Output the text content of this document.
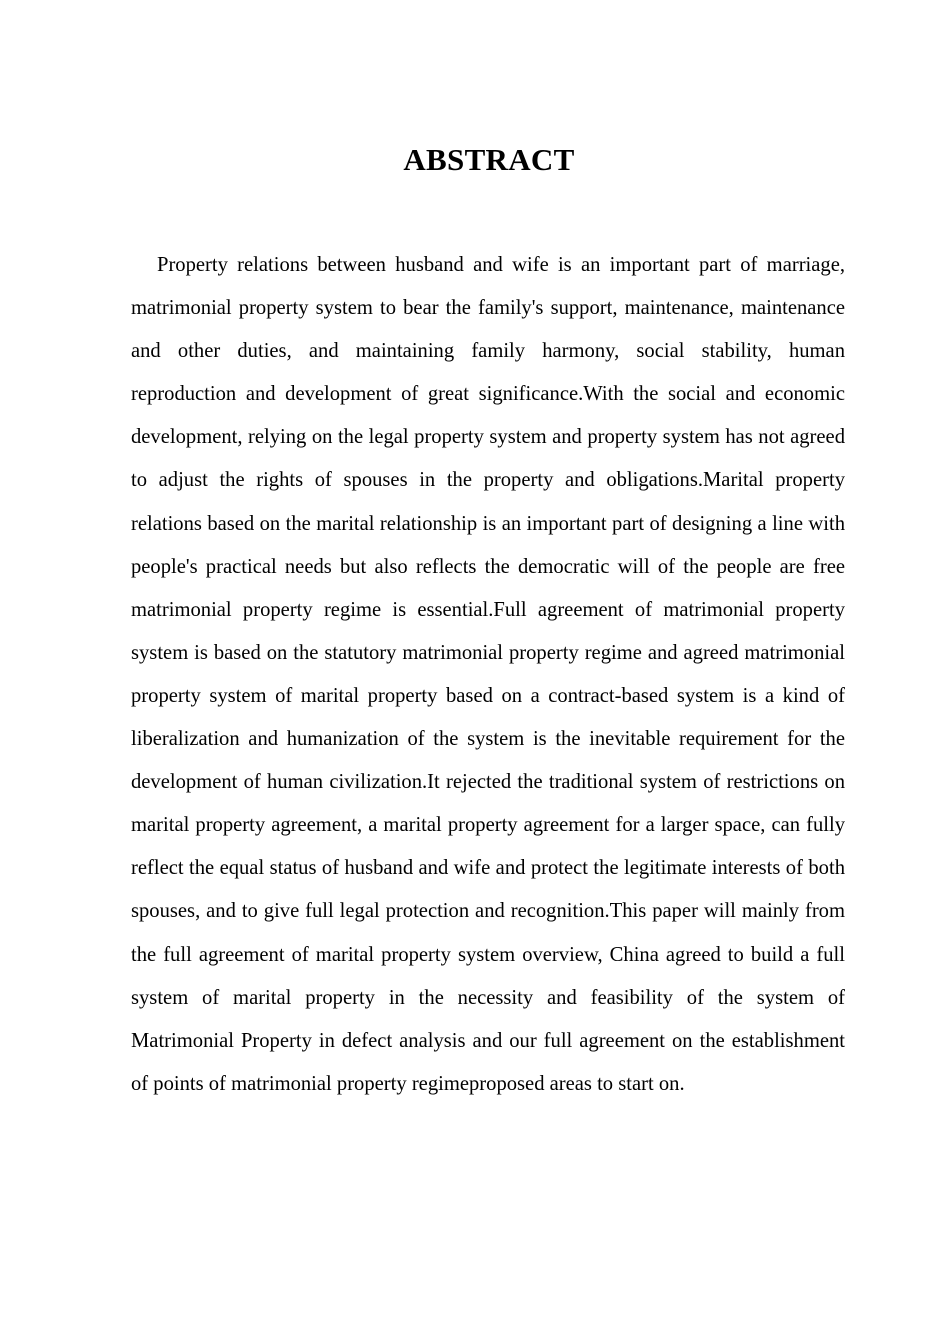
ABSTRACT

Property relations between husband and wife is an important part of marriage, matrimonial property system to bear the family's support, maintenance, maintenance and other duties, and maintaining family harmony, social stability, human reproduction and development of great significance.With the social and economic development, relying on the legal property system and property system has not agreed to adjust the rights of spouses in the property and obligations.Marital property relations based on the marital relationship is an important part of designing a line with people's practical needs but also reflects the democratic will of the people are free matrimonial property regime is essential.Full agreement of matrimonial property system is based on the statutory matrimonial property regime and agreed matrimonial property system of marital property based on a contract-based system is a kind of liberalization and humanization of the system is the inevitable requirement for the development of human civilization.It rejected the traditional system of restrictions on marital property agreement, a marital property agreement for a larger space, can fully reflect the equal status of husband and wife and protect the legitimate interests of both spouses, and to give full legal protection and recognition.This paper will mainly from the full agreement of marital property system overview, China agreed to build a full system of marital property in the necessity and feasibility of the system of Matrimonial Property in defect analysis and our full agreement on the establishment of points of matrimonial property regimeproposed areas to start on.
